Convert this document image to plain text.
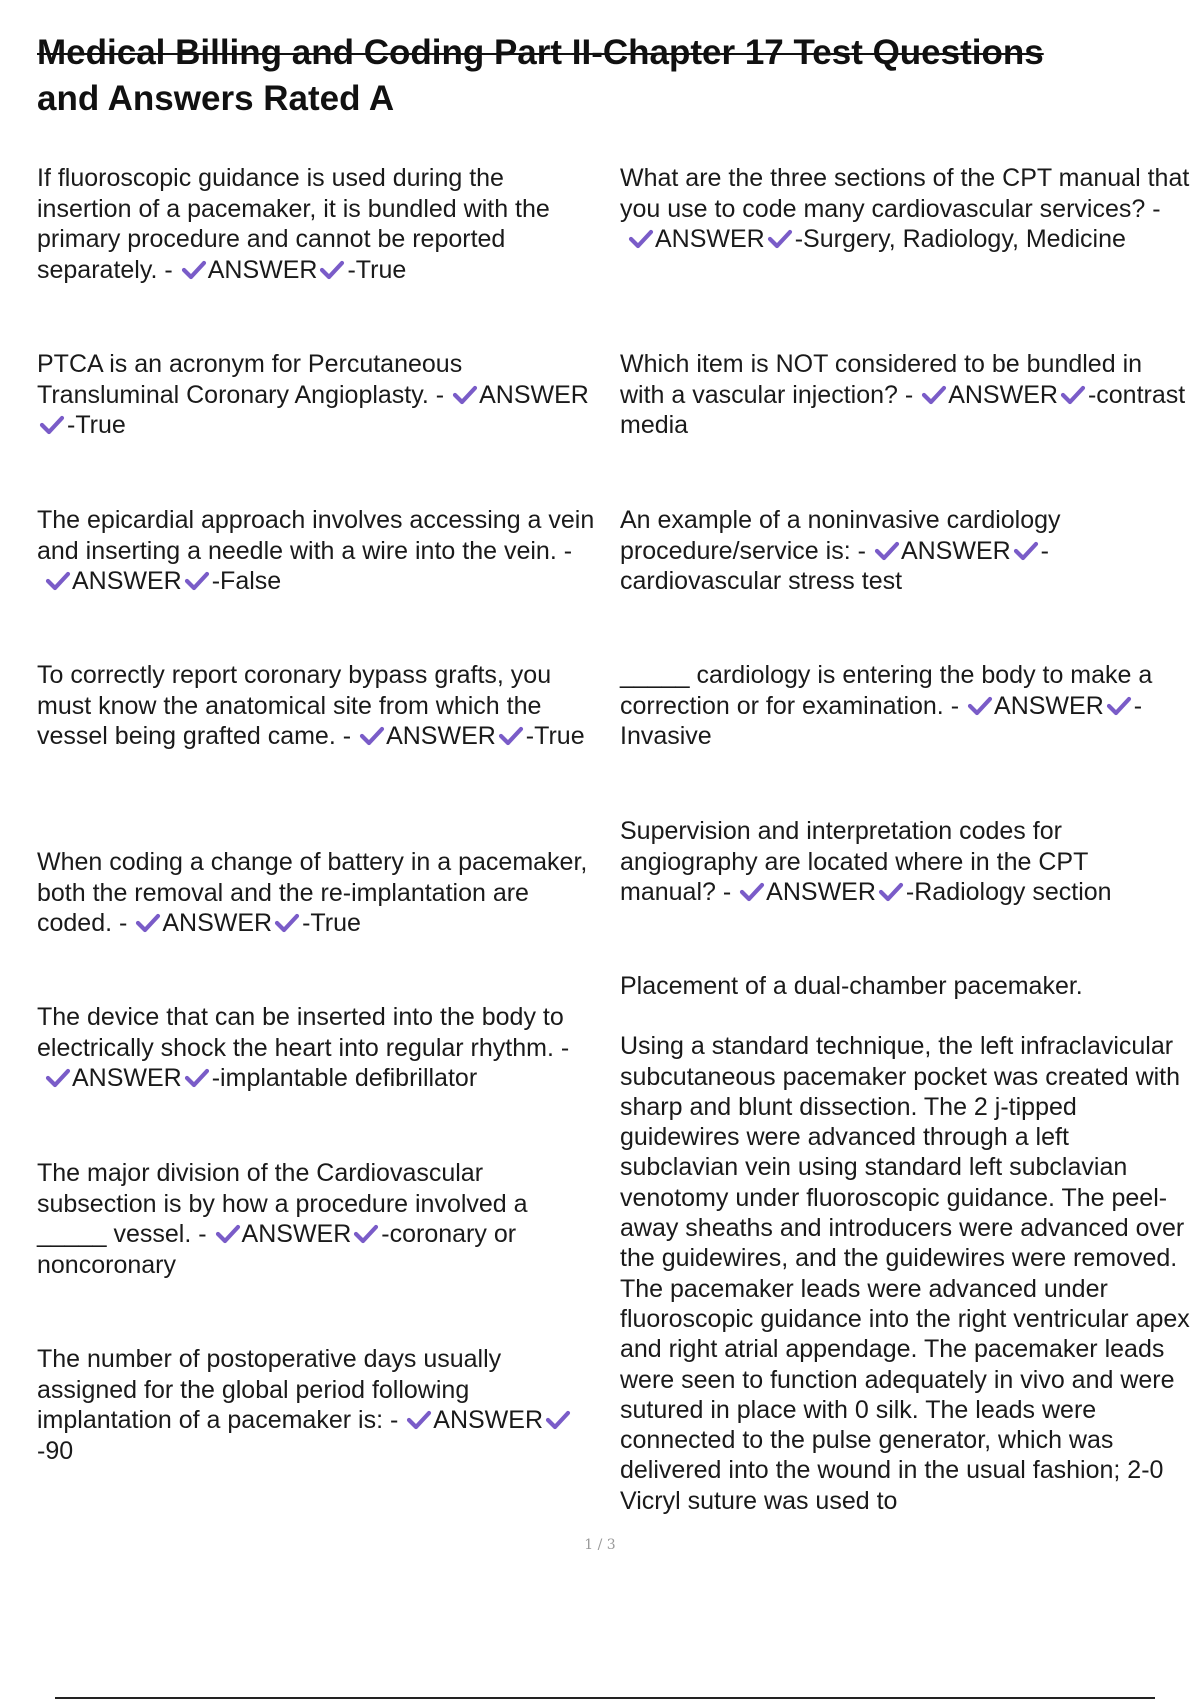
Medical Billing and Coding Part II-Chapter 17 Test Questions
and Answers Rated A
If fluoroscopic guidance is used during the insertion of a pacemaker, it is bundled with the primary procedure and cannot be reported separately. - ANSWER -True
PTCA is an acronym for Percutaneous Transluminal Coronary Angioplasty. - ANSWER-True
The epicardial approach involves accessing a vein and inserting a needle with a wire into the vein. -ANSWER -False
To correctly report coronary bypass grafts, you must know the anatomical site from which the vessel being grafted came. - ANSWER -True
When coding a change of battery in a pacemaker, both the removal and the re-implantation are coded. - ANSWER -True
The device that can be inserted into the body to electrically shock the heart into regular rhythm. -ANSWER -implantable defibrillator
The major division of the Cardiovascular subsection is by how a procedure involved a _____ vessel. - ANSWER -coronary or noncoronary
The number of postoperative days usually assigned for the global period following implantation of a pacemaker is: - ANSWER-90
What are the three sections of the CPT manual that you use to code many cardiovascular services? -ANSWER -Surgery, Radiology, Medicine
Which item is NOT considered to be bundled in with a vascular injection? - ANSWER -contrast media
An example of a noninvasive cardiology procedure/service is: - ANSWER -cardiovascular stress test
_____ cardiology is entering the body to make a correction or for examination. - ANSWER -Invasive
Supervision and interpretation codes for angiography are located where in the CPT manual? - ANSWER -Radiology section
Placement of a dual-chamber pacemaker.
Using a standard technique, the left infraclavicular subcutaneous pacemaker pocket was created with sharp and blunt dissection. The 2 j-tipped guidewires were advanced through a left subclavian vein using standard left subclavian venotomy under fluoroscopic guidance. The peel-away sheaths and introducers were advanced over the guidewires, and the guidewires were removed. The pacemaker leads were advanced under fluoroscopic guidance into the right ventricular apex and right atrial appendage. The pacemaker leads were seen to function adequately in vivo and were sutured in place with 0 silk. The leads were connected to the pulse generator, which was delivered into the wound in the usual fashion; 2-0 Vicryl suture was used to
1 / 3
